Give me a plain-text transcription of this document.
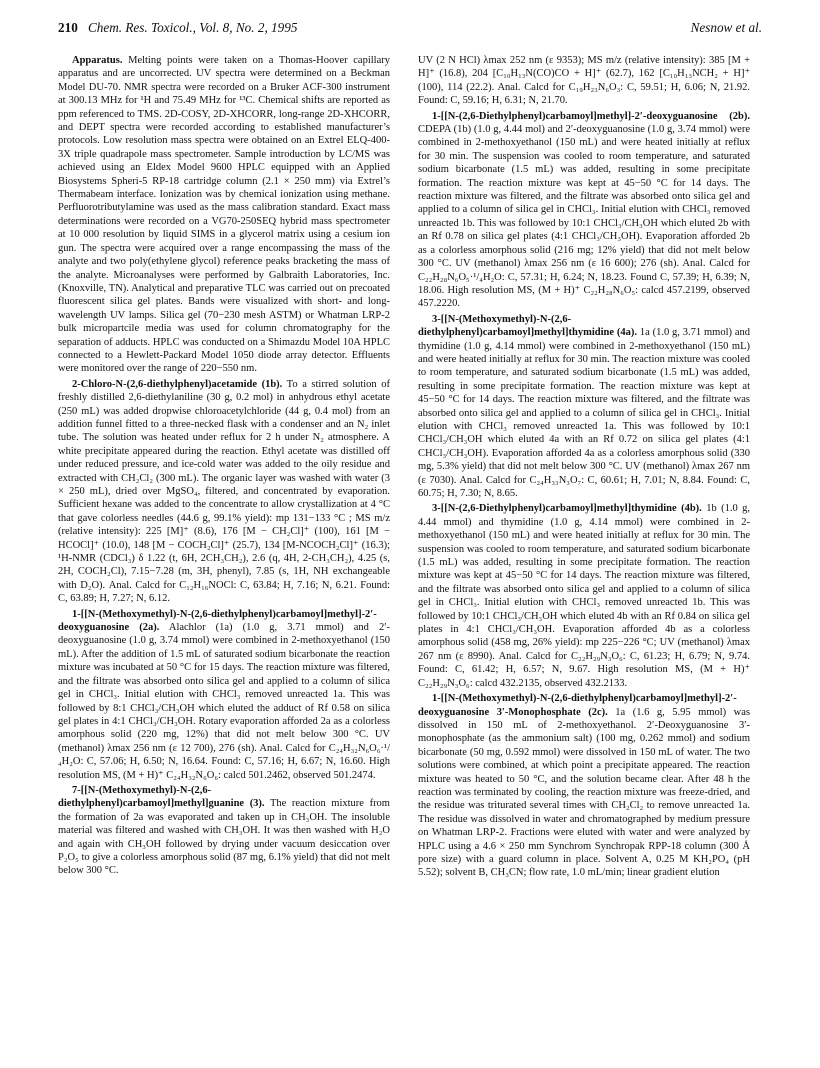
210 Chem. Res. Toxicol., Vol. 8, No. 2, 1995	Nesnow et al.

Apparatus. Melting points were taken on a Thomas-Hoover capillary apparatus and are uncorrected. UV spectra were determined on a Beckman Model DU-70. NMR spectra were recorded on a Bruker ACF-300 instrument at 300.13 MHz for ¹H and 75.49 MHz for ¹³C. Chemical shifts are reported as ppm referenced to TMS. 2D-COSY, 2D-XHCORR, long-range 2D-XHCORR, and DEPT spectra were recorded according to established manufacturer’s protocols. Low resolution mass spectra were obtained on an Extrel ELQ-400-3X triple quadrapole mass spectrometer. Sample introduction by LC/MS was achieved using an Eldex Model 9600 HPLC equipped with an Applied Biosystems Spheri-5 RP-18 cartridge column (2.1 × 250 mm) via Extrel’s Thermabeam interface. Ionization was by chemical ionization using methane. Perfluorotributylamine was used as the mass calibration standard. Exact mass determinations were recorded on a VG70-250SEQ hybrid mass spectrometer at 10 000 resolution by liquid SIMS in a glycerol matrix using a cesium ion gun. The spectra were acquired over a range encompassing the mass of the analyte and two poly(ethylene glycol) reference peaks bracketing the mass of the analyte. Microanalyses were performed by Galbraith Laboratories, Inc. (Knoxville, TN). Analytical and preparative TLC was carried out on precoated fluorescent silica gel plates. Bands were visualized with short- and long-wavelength UV lamps. Silica gel (70−230 mesh ASTM) or Whatman LRP-2 bulk micropartcile media was used for column chromatography for the separation of adducts. HPLC was conducted on a Shimazdu Model 10A HPLC connected to a Hewlett-Packard Model 1050 diode array detector. Effluents were monitored over the range of 220−550 nm.

2-Chloro-N-(2,6-diethylphenyl)acetamide (1b). To a stirred solution of freshly distilled 2,6-diethylaniline (30 g, 0.2 mol) in anhydrous ethyl acetate (250 mL) was added dropwise chloroacetylchloride (44 g, 0.4 mol) from an addition funnel fitted to a three-necked flask with a condenser and an N₂ inlet tube. The solution was heated under reflux for 2 h under N₂ atmosphere. A white precipitate appeared during the reaction. Ethyl acetate was distilled off under reduced pressure, and ice-cold water was added to the oily residue and extracted with CH₂Cl₂ (300 mL). The organic layer was washed with water (3 × 250 mL), dried over MgSO₄, filtered, and concentrated by evaporation. Sufficient hexane was added to the concentrate to allow crystallization at 4 °C that gave colorless needles (44.6 g, 99.1% yield): mp 131−133 °C ; MS m/z (relative intensity): 225 [M]⁺ (8.6), 176 [M − CH₂Cl]⁺ (100), 161 [M − HCOCl]⁺ (10.0), 148 [M − COCH₂Cl]⁺ (25.7), 134 [M-NCOCH₂Cl]⁺ (16.3); ¹H-NMR (CDCl₃) δ 1.22 (t, 6H, 2CH₃CH₂), 2.6 (q, 4H, 2-CH₃CH₂), 4.25 (s, 2H, COCH₂Cl), 7.15−7.28 (m, 3H, phenyl), 7.85 (s, 1H, NH exchangeable with D₂O). Anal. Calcd for C₁₂H₁₆NOCl: C, 63.84; H, 7.16; N, 6.21. Found: C, 63.89; H, 7.27; N, 6.12.

1-[[N-(Methoxymethyl)-N-(2,6-diethylphenyl)carbamoyl]methyl]-2′-deoxyguanosine (2a). Alachlor (1a) (1.0 g, 3.71 mmol) and 2′-deoxyguanosine (1.0 g, 3.74 mmol) were combined in 2-methoxyethanol (150 mL). After the addition of 1.5 mL of saturated sodium bicarbonate the reaction mixture was incubated at 50 °C for 15 days. The reaction mixture was filtered, and the filtrate was absorbed onto silica gel and applied to a column of silica gel in CHCl₃. Initial elution with CHCl₃ removed unreacted 1a. This was followed by 8:1 CHCl₃/CH₃OH which eluted the adduct of Rf 0.58 on silica gel plates in 4:1 CHCl₃/CH₃OH. Rotary evaporation afforded 2a as a colorless amorphous solid (220 mg, 12%) that did not melt below 300 °C. UV (methanol) λmax 256 nm (ε 12 700), 276 (sh). Anal. Calcd for C₂₄H₃₂N₆O₆·¹/₄H₂O: C, 57.06; H, 6.50; N, 16.64. Found: C, 57.16; H, 6.67; N, 16.60. High resolution MS, (M + H)⁺ C₂₄H₃₂N₆O₆: calcd 501.2462, observed 501.2474.

7-[[N-(Methoxymethyl)-N-(2,6-diethylphenyl)carbamoyl]methyl]guanine (3). The reaction mixture from the formation of 2a was evaporated and taken up in CH₃OH. The insoluble material was filtered and washed with CH₃OH. It was then washed with H₂O and again with CH₃OH followed by drying under vacuum desiccation over P₂O₅ to give a colorless amorphous solid (87 mg, 6.1% yield) that did not melt below 300 °C.

UV (2 N HCl) λmax 252 nm (ε 9353); MS m/z (relative intensity): 385 [M + H]⁺ (16.8), 204 [C₁₀H₁₃N(CO)CO + H]⁺ (62.7), 162 [C₁₀H₁₃NCH₂ + H]⁺ (100), 114 (22.2). Anal. Calcd for C₁₉H₂₃N₆O₃: C, 59.51; H, 6.06; N, 21.92. Found: C, 59.16; H, 6.31; N, 21.70.

1-[[N-(2,6-Diethylphenyl)carbamoyl]methyl]-2′-deoxyguanosine (2b). CDEPA (1b) (1.0 g, 4.44 mol) and 2′-deoxyguanosine (1.0 g, 3.74 mmol) were combined in 2-methoxyethanol (150 mL) and were heated initially at reflux for 30 min. The suspension was cooled to room temperature, and saturated sodium bicarbonate (1.5 mL) was added, resulting in some precipitate formation. The reaction mixture was kept at 45−50 °C for 14 days. The reaction mixture was filtered, and the filtrate was absorbed onto silica gel and applied to a column of silica gel in CHCl₃. Initial elution with CHCl₃ removed unreacted 1b. This was followed by 10:1 CHCl₃/CH₃OH which eluted 2b with an Rf 0.78 on silica gel plates (4:1 CHCl₃/CH₃OH). Evaporation afforded 2b as a colorless amorphous solid (216 mg; 12% yield) that did not melt below 300 °C. UV (methanol) λmax 256 nm (ε 16 600); 276 (sh). Anal. Calcd for C₂₂H₂₈N₆O₅·¹/₄H₂O: C, 57.31; H, 6.24; N, 18.23. Found C, 57.39; H, 6.39; N, 18.06. High resolution MS, (M + H)⁺ C₂₂H₂₈N₆O₅: calcd 457.2199, observed 457.2220.

3-[[N-(Methoxymethyl)-N-(2,6-diethylphenyl)carbamoyl]methyl]thymidine (4a). 1a (1.0 g, 3.71 mmol) and thymidine (1.0 g, 4.14 mmol) were combined in 2-methoxyethanol (150 mL) and were heated initially at reflux for 30 min. The reaction mixture was cooled to room temperature, and saturated sodium bicarbonate (1.5 mL) was added, resulting in some precipitate formation. The reaction mixture was kept at 45−50 °C for 14 days. The reaction mixture was filtered, and the filtrate was absorbed onto silica gel and applied to a column of silica gel in CHCl₃. Initial elution with CHCl₃ removed unreacted 1a. This was followed by 10:1 CHCl₃/CH₃OH which eluted 4a with an Rf 0.72 on silica gel plates (4:1 CHCl₃/CH₃OH). Evaporation afforded 4a as a colorless amorphous solid (330 mg, 5.3% yield) that did not melt below 300 °C. UV (methanol) λmax 267 nm (ε 7030). Anal. Calcd for C₂₄H₃₃N₃O₇: C, 60.61; H, 7.01; N, 8.84. Found: C, 60.75; H, 7.30; N, 8.65.

3-[[N-(2,6-Diethylphenyl)carbamoyl]methyl]thymidine (4b). 1b (1.0 g, 4.44 mmol) and thymidine (1.0 g, 4.14 mmol) were combined in 2-methoxyethanol (150 mL) and were heated initially at reflux for 30 min. The suspension was cooled to room temperature, and saturated sodium bicarbonate (1.5 mL) was added, resulting in some precipitate formation. The reaction mixture was kept at 45−50 °C for 14 days. The reaction mixture was filtered, and the filtrate was absorbed onto silica gel and applied to a column of silica gel in CHCl₃. Initial elution with CHCl₃ removed unreacted 1b. This was followed by 10:1 CHCl₃/CH₃OH which eluted 4b with an Rf 0.84 on silica gel plates in 4:1 CHCl₃/CH₃OH. Evaporation afforded 4b as a colorless amorphous solid (458 mg, 26% yield): mp 225−226 °C; UV (methanol) λmax 267 nm (ε 8990). Anal. Calcd for C₂₂H₂₉N₃O₆: C, 61.23; H, 6.79; N, 9.74. Found: C, 61.42; H, 6.57; N, 9.67. High resolution MS, (M + H)⁺ C₂₂H₂₉N₃O₆: calcd 432.2135, observed 432.2133.

1-[[N-(Methoxymethyl)-N-(2,6-diethylphenyl)carbamoyl]methyl]-2′-deoxyguanosine 3′-Monophosphate (2c). 1a (1.6 g, 5.95 mmol) was dissolved in 150 mL of 2-methoxyethanol. 2′-Deoxyguanosine 3′-monophosphate (as the ammonium salt) (100 mg, 0.262 mmol) and sodium bicarbonate (50 mg, 0.592 mmol) were dissolved in 150 mL of water. The two solutions were combined, at which point a precipitate appeared. The reaction mixture was heated to 50 °C, and the solution became clear. After 48 h the reaction was terminated by cooling, the reaction mixture was freeze-dried, and the residue was triturated several times with CH₂Cl₂ to remove unreacted 1a. The residue was dissolved in water and chromatographed by medium pressure on Whatman LRP-2. Fractions were eluted with water and were analyzed by HPLC using a 4.6 × 250 mm Synchrom Synchropak RPP-18 column (300 Å pore size) with a guard column in place. Solvent A, 0.25 M KH₂PO₄ (pH 5.52); solvent B, CH₃CN; flow rate, 1.0 mL/min; linear gradient elution
